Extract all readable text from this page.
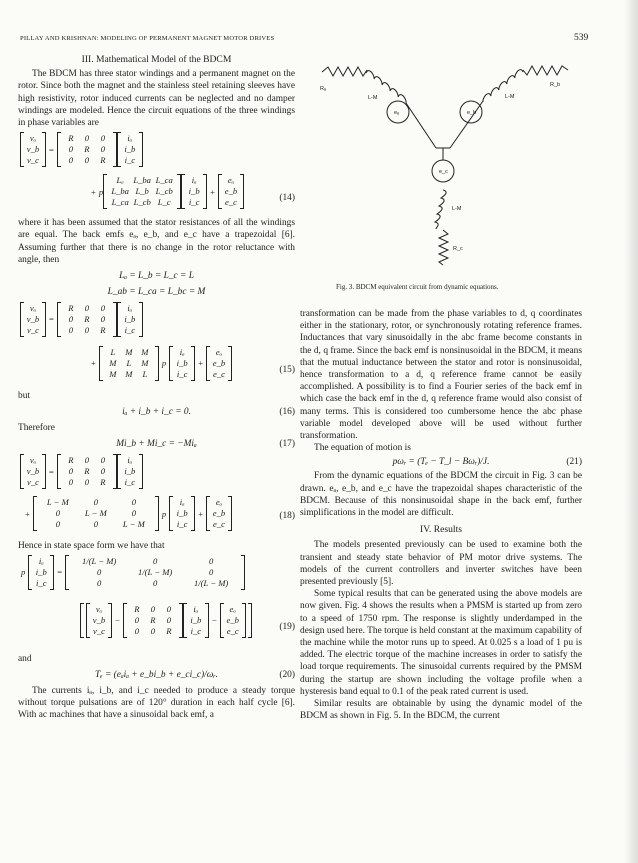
PILLAY AND KRISHNAN: MODELING OF PERMANENT MAGNET MOTOR DRIVES	539
III. Mathematical Model of the BDCM

The BDCM has three stator windings and a permanent magnet on the rotor. Since both the magnet and the stainless steel retaining sleeves have high resistivity, rotor induced currents can be neglected and no damper windings are modeled. Hence the circuit equations of the three windings in phase variables are

vₐ
v_b
v_c
=
R	0	0
0	R	0
0	0	R
iₐ
i_b
i_c
+ p
Lₐ	L_ba L_ca
L_ba L_b L_cb
L_ca L_cb L_c
iₐ
i_b
i_c
+
eₐ
e_b
e_c	(14)

where it has been assumed that the stator resistances of all the windings are equal. The back emfs eₐ, e_b, and e_c have a trapezoidal [6]. Assuming further that there is no change in the rotor reluctance with angle, then

Lₐ = L_b = L_c = L
L_ab = L_ca = L_bc = M
vₐ
v_b
v_c
=
R	0	0
0	R	0
0	0	R
iₐ
i_b
i_c
+
L	M	M
M	L	M
M	M	L
p
iₐ
i_b
i_c
+
eₐ
e_b
e_c	(15)

but

iₐ + i_b + i_c = 0.	(16)

Therefore

Mi_b + Mi_c = −Miₐ	(17)
vₐ
v_b
v_c
=
R	0	0
0	R	0
0	0	R
iₐ
i_b
i_c
+
L − M	0	0
0	L − M	0
0	0	L − M
p
iₐ
i_b
i_c
+
eₐ
e_b
e_c
(18)

Hence in state space form we have that

p
iₐ
i_b
i_c
=
1/(L − M)	0	0
0	1/(L − M)	0
0	0	1/(L − M)
vₐ
v_b
v_c
−
R	0	0
0	R	0
0	0	R
iₐ
i_b
i_c
−
eₐ
e_b
e_c	(19)

and

Tₑ = (eₐiₐ + e_bi_b + e_ci_c)/ωᵣ.	(20)

The currents iₐ, i_b, and i_c needed to produce a steady torque without torque pulsations are of 120° duration in each half cycle [6]. With ac machines that have a sinusoidal back emf, a

Rₐ
L-M
eₐ
R_b
L-M
e_b
e_c
L-M
R_c
Fig. 3. BDCM equivalent circuit from dynamic equations.

transformation can be made from the phase variables to d, q coordinates either in the stationary, rotor, or synchronously rotating reference frames. Inductances that vary sinusoidally in the abc frame become constants in the d, q frame. Since the back emf is nonsinusoidal in the BDCM, it means that the mutual inductance between the stator and rotor is nonsinusoidal, hence transformation to a d, q reference frame cannot be easily accomplished. A possibility is to find a Fourier series of the back emf in which case the back emf in the d, q reference frame would also consist of many terms. This is considered too cumbersome hence the abc phase variable model developed above will be used without further transformation.

The equation of motion is

pωᵣ = (Tₑ − T_l − Bωᵣ)/J.	(21)

From the dynamic equations of the BDCM the circuit in Fig. 3 can be drawn. eₐ, e_b, and e_c have the trapezoidal shapes characteristic of the BDCM. Because of this nonsinusoidal shape in the back emf, further simplifications in the model are difficult.

IV. Results

The models presented previously can be used to examine both the transient and steady state behavior of PM motor drive systems. The models of the current controllers and inverter switches have been presented previously [5].

Some typical results that can be generated using the above models are now given. Fig. 4 shows the results when a PMSM is started up from zero to a speed of 1750 rpm. The response is slightly underdamped in the design used here. The torque is held constant at the maximum capability of the machine while the motor runs up to speed. At 0.025 s a load of 1 pu is added. The electric torque of the machine increases in order to satisfy the load torque requirements. The sinusoidal currents required by the PMSM during the startup are shown including the voltage profile when a hysteresis band equal to 0.1 of the peak rated current is used.

Similar results are obtainable by using the dynamic model of the BDCM as shown in Fig. 5. In the BDCM, the current
